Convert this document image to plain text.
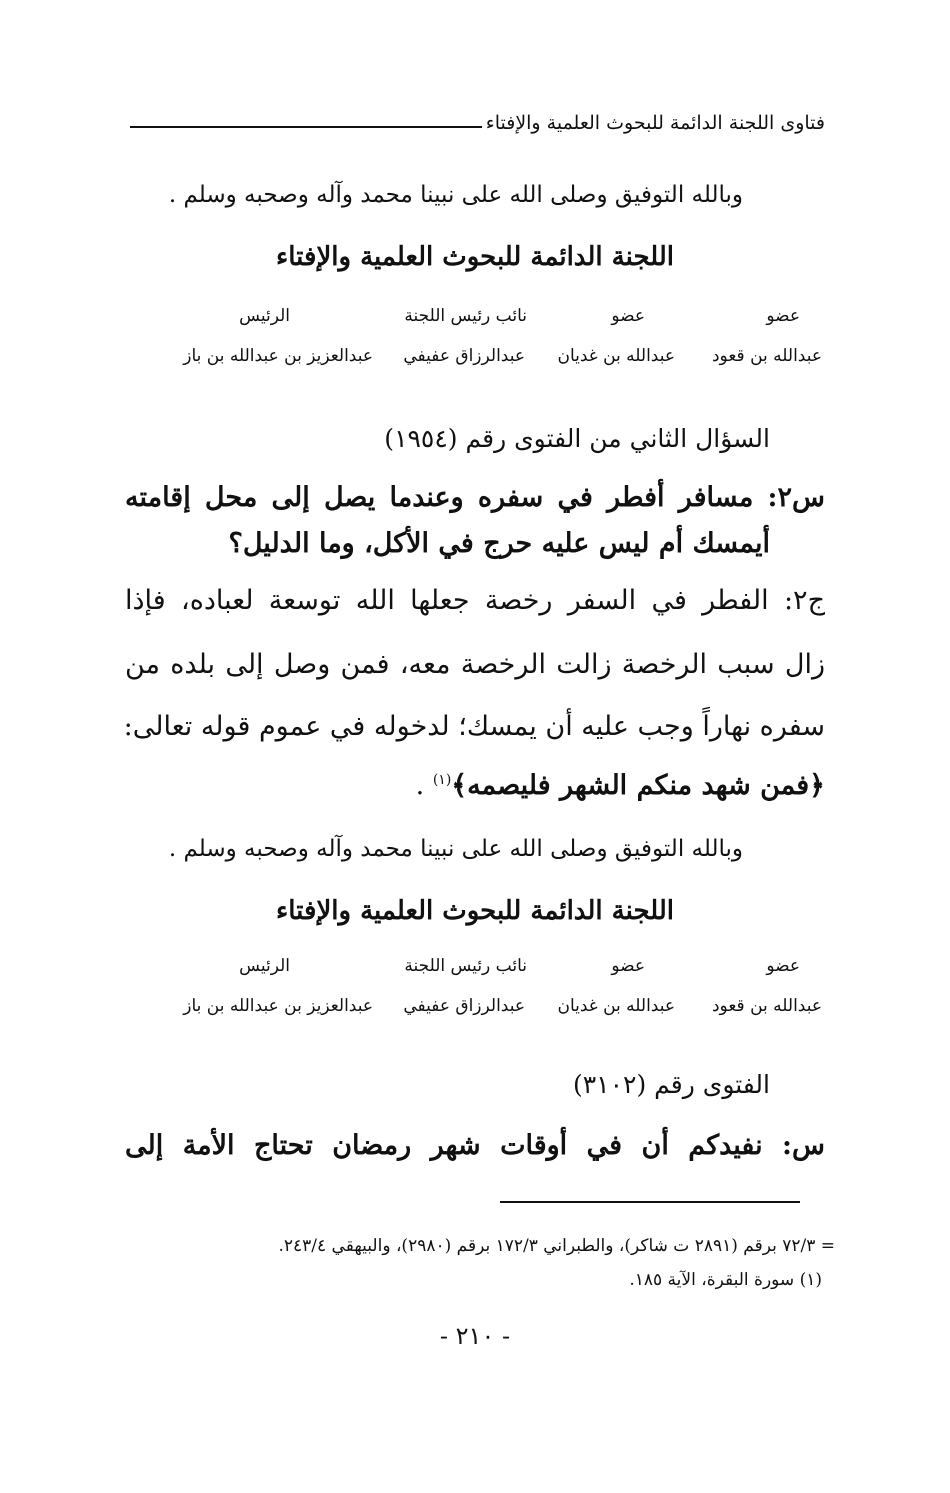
فتاوى اللجنة الدائمة للبحوث العلمية والإفتاء
وبالله التوفيق وصلى الله على نبينا محمد وآله وصحبه وسلم .
اللجنة الدائمة للبحوث العلمية والإفتاء
عضو
عضو
نائب رئيس اللجنة
الرئيس
عبدالله بن قعود
عبدالله بن غديان
عبدالرزاق عفيفي
عبدالعزيز بن عبدالله بن باز
السؤال الثاني من الفتوى رقم (١٩٥٤)
س٢: مسافر أفطر في سفره وعندما يصل إلى محل إقامته
أيمسك أم ليس عليه حرج في الأكل، وما الدليل؟
ج٢: الفطر في السفر رخصة جعلها الله توسعة لعباده، فإذا
زال سبب الرخصة زالت الرخصة معه، فمن وصل إلى بلده من
سفره نهاراً وجب عليه أن يمسك؛ لدخوله في عموم قوله تعالى:
﴿فمن شهد منكم الشهر فليصمه﴾$^{(١)}$ .
وبالله التوفيق وصلى الله على نبينا محمد وآله وصحبه وسلم .
اللجنة الدائمة للبحوث العلمية والإفتاء
عضو
عضو
نائب رئيس اللجنة
الرئيس
عبدالله بن قعود
عبدالله بن غديان
عبدالرزاق عفيفي
عبدالعزيز بن عبدالله بن باز
الفتوى رقم (٣١٠٢)
س: نفيدكم أن في أوقات شهر رمضان تحتاج الأمة إلى
= ٧٢/٣ برقم (٢٨٩١ ت شاكر)، والطبراني ١٧٢/٣ برقم (٢٩٨٠)، والبيهقي ٢٤٣/٤.
(١) سورة البقرة، الآية ١٨٥.
- ٢١٠ -
